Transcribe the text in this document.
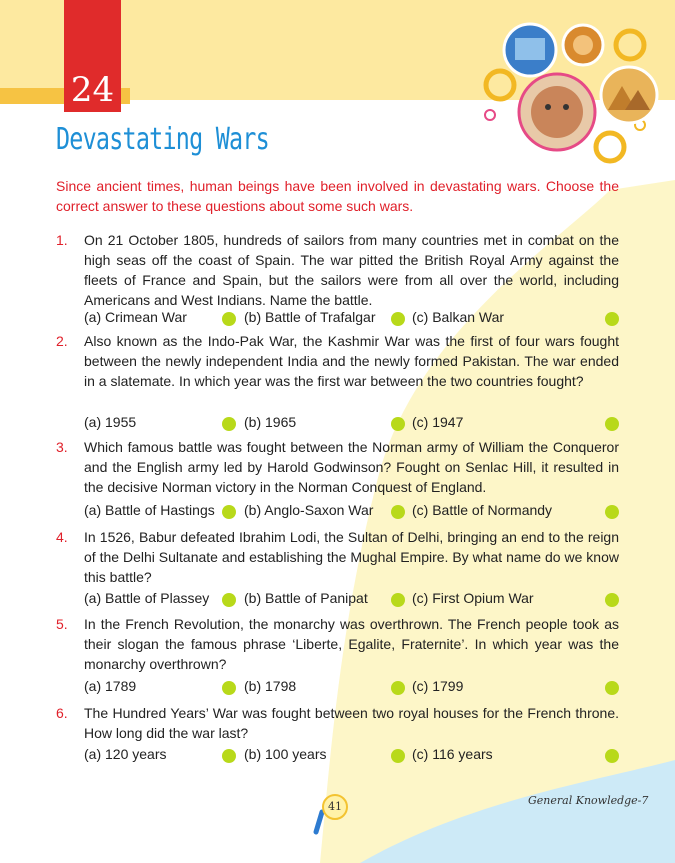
24
Devastating Wars
Since ancient times, human beings have been involved in devastating wars. Choose the correct answer to these questions about some such wars.
1. On 21 October 1805, hundreds of sailors from many countries met in combat on the high seas off the coast of Spain. The war pitted the British Royal Army against the fleets of France and Spain, but the sailors were from all over the world, including Americans and West Indians. Name the battle.
(a) Crimean War	(b) Battle of Trafalgar	(c) Balkan War
2. Also known as the Indo-Pak War, the Kashmir War was the first of four wars fought between the newly independent India and the newly formed Pakistan. The war ended in a slatemate. In which year was the first war between the two countries fought?
(a) 1955	(b) 1965	(c) 1947
3. Which famous battle was fought between the Norman army of William the Conqueror and the English army led by Harold Godwinson? Fought on Senlac Hill, it resulted in the decisive Norman victory in the Norman Conquest of England.
(a) Battle of Hastings (b) Anglo-Saxon War	(c) Battle of Normandy
4. In 1526, Babur defeated Ibrahim Lodi, the Sultan of Delhi, bringing an end to the reign of the Delhi Sultanate and establishing the Mughal Empire. By what name do we know this battle?
(a) Battle of Plassey (b) Battle of Panipat	(c) First Opium War
5. In the French Revolution, the monarchy was overthrown. The French people took as their slogan the famous phrase ‘Liberte, Egalite, Fraternite’. In which year was the monarchy overthrown?
(a) 1789	(b) 1798	(c) 1799
6. The Hundred Years’ War was fought between two royal houses for the French throne. How long did the war last?
(a) 120 years	(b) 100 years	(c) 116 years
41	General Knowledge-7
